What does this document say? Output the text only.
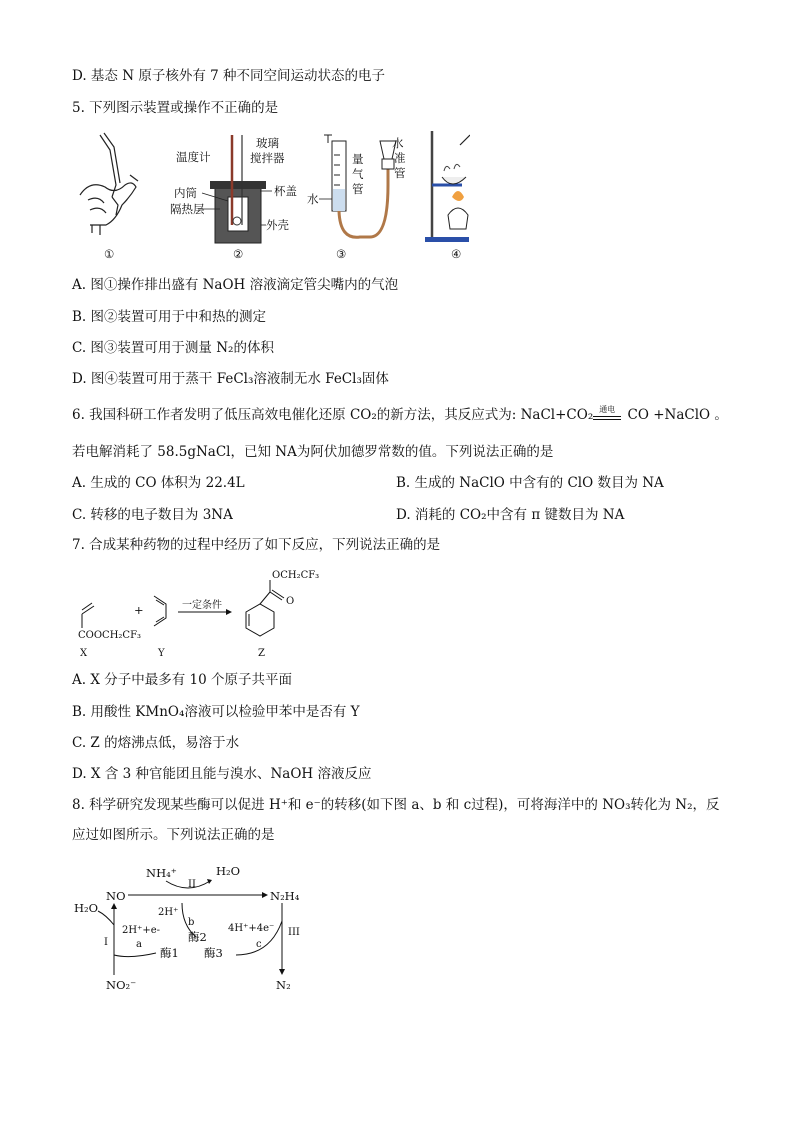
D. 基态 N 原子核外有 7 种不同空间运动状态的电子
5. 下列图示装置或操作不正确的是
①
温度计
玻璃
搅拌器
杯盖
内筒
隔热层
外壳
②
水
量
气
管
水
准
管
③	④
A. 图①操作排出盛有 NaOH 溶液滴定管尖嘴内的气泡
B. 图②装置可用于中和热的测定
C. 图③装置可用于测量 N₂的体积
D. 图④装置可用于蒸干 FeCl₃溶液制无水 FeCl₃固体
6. 我国科研工作者发明了低压高效电催化还原 CO₂的新方法，其反应式为: NaCl+CO₂ 通电 CO +NaClO 。
若电解消耗了 58.5gNaCl，已知 NA为阿伏加德罗常数的值。下列说法正确的是
A. 生成的 CO 体积为 22.4L	B. 生成的 NaClO 中含有的 ClO 数目为 NA
C. 转移的电子数目为 3NA	D. 消耗的 CO₂中含有 π 键数目为 NA
7. 合成某种药物的过程中经历了如下反应，下列说法正确的是
COOCH₂CF₃
+	一定条件
OCH₂CF₃
O
X	Y	Z
A. X 分子中最多有 10 个原子共平面
B. 用酸性 KMnO₄溶液可以检验甲苯中是否有 Y
C. Z 的熔沸点低，易溶于水
D. X 含 3 种官能团且能与溴水、NaOH 溶液反应
8. 科学研究发现某些酶可以促进 H⁺和 e⁻的转移(如下图 a、b 和 c过程)，可将海洋中的 NO₃转化为 N₂，反
应过如图所示。下列说法正确的是
NH₄⁺	H₂O
NO
II
N₂H₄
2H⁺
b
H₂O
2H⁺+e-
I	a
酶2
4H⁺+4e⁻
c
III
酶1 酶3
NO₂⁻	N₂
